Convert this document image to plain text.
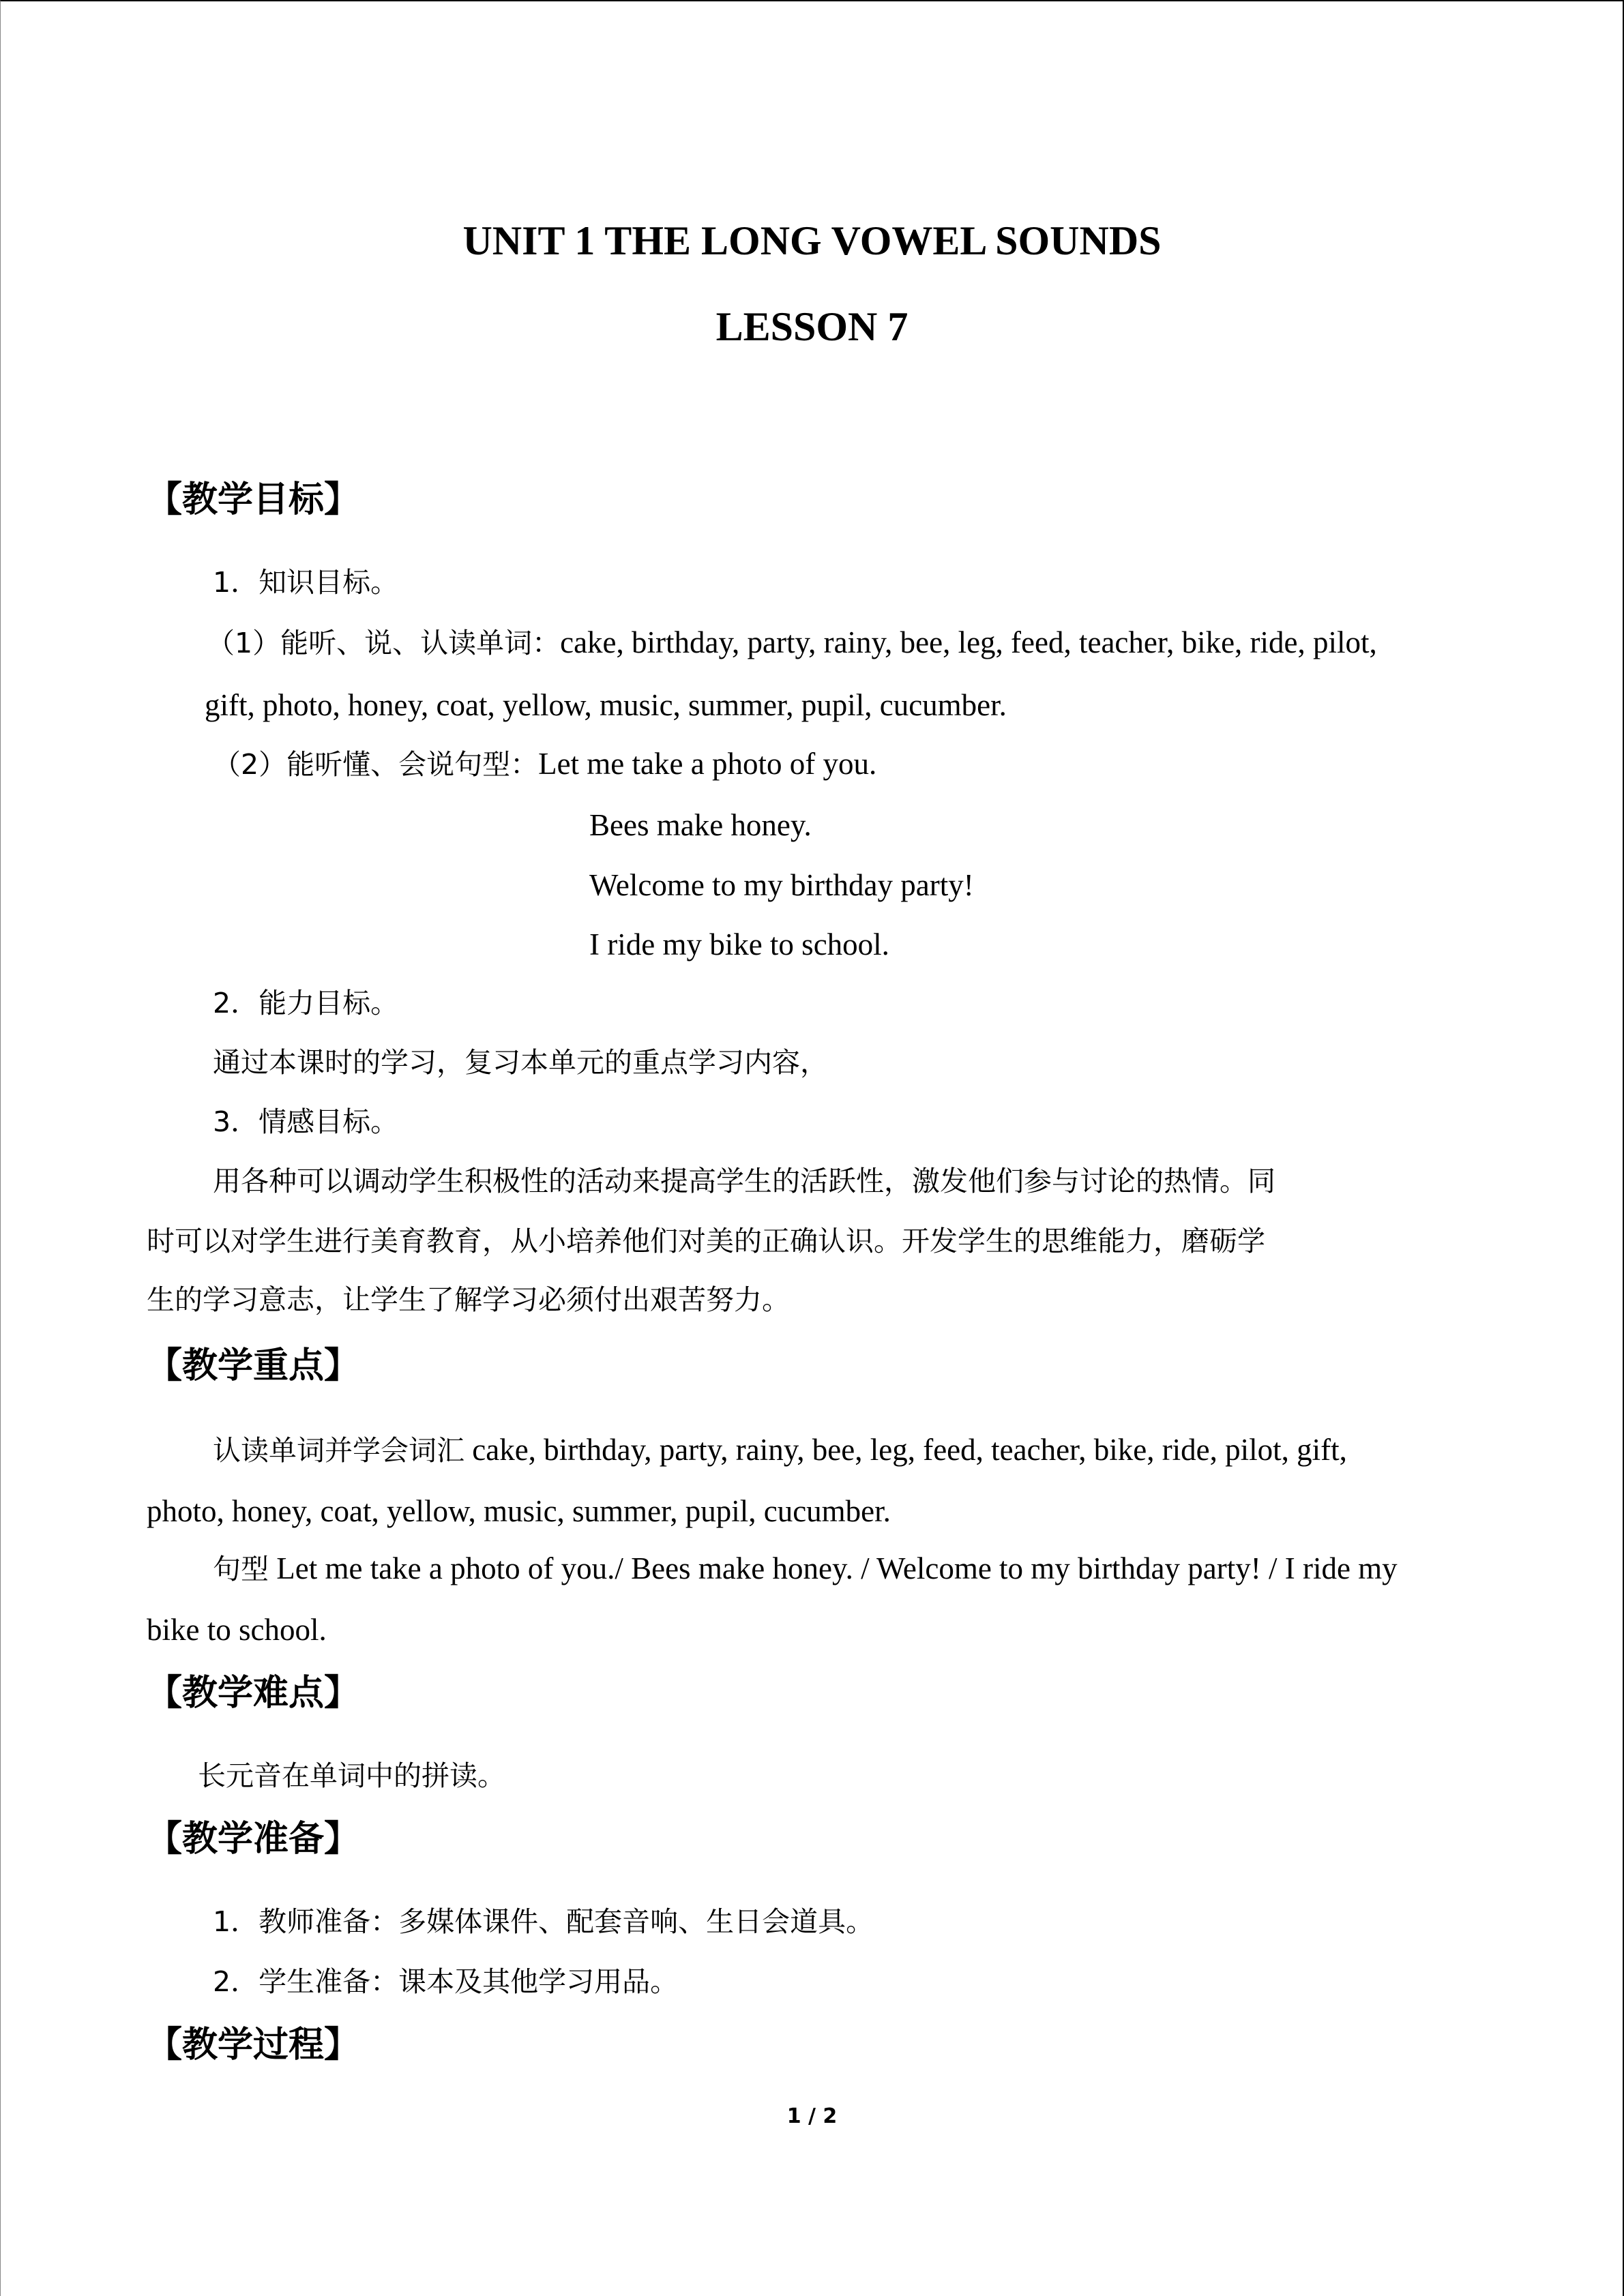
UNIT 1 THE LONG VOWEL SOUNDS
LESSON 7
【教学目标】
1．知识目标。
（1）能听、说、认读单词：cake, birthday, party, rainy, bee, leg, feed, teacher, bike, ride, pilot,
gift, photo, honey, coat, yellow, music, summer, pupil, cucumber.
（2）能听懂、会说句型：Let me take a photo of you.
Bees make honey.
Welcome to my birthday party!
I ride my bike to school.
2．能力目标。
通过本课时的学习，复习本单元的重点学习内容，
3．情感目标。
用各种可以调动学生积极性的活动来提高学生的活跃性，激发他们参与讨论的热情。同
时可以对学生进行美育教育，从小培养他们对美的正确认识。开发学生的思维能力，磨砺学
生的学习意志，让学生了解学习必须付出艰苦努力。
【教学重点】
认读单词并学会词汇 cake, birthday, party, rainy, bee, leg, feed, teacher, bike, ride, pilot, gift,
photo, honey, coat, yellow, music, summer, pupil, cucumber.
句型 Let me take a photo of you./ Bees make honey. / Welcome to my birthday party! / I ride my
bike to school.
【教学难点】
长元音在单词中的拼读。
【教学准备】
1．教师准备：多媒体课件、配套音响、生日会道具。
2．学生准备：课本及其他学习用品。
【教学过程】
1 / 2
